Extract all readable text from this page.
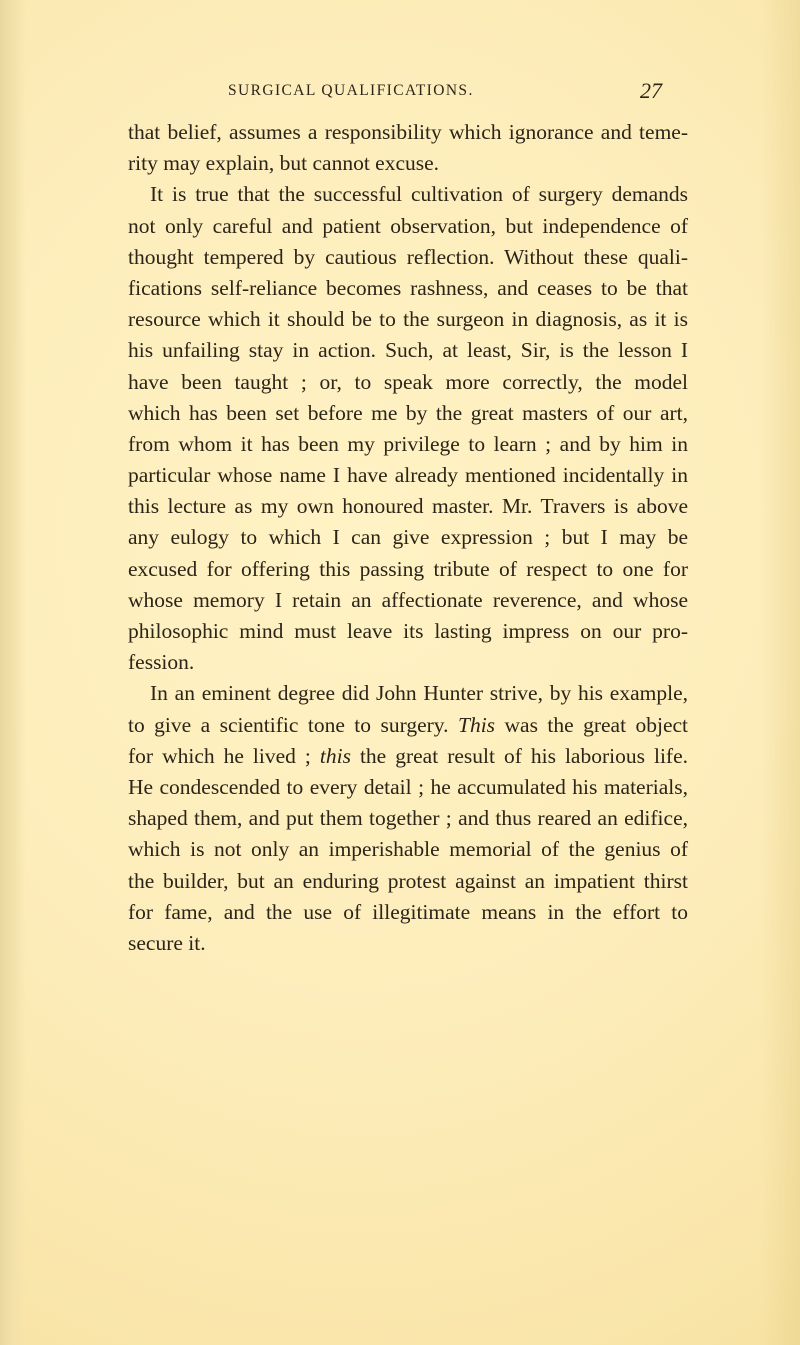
SURGICAL QUALIFICATIONS.	27
that belief, assumes a responsibility which ignorance and teme-
rity may explain, but cannot excuse.
It is true that the successful cultivation of surgery demands
not only careful and patient observation, but independence of
thought tempered by cautious reflection. Without these quali-
fications self-reliance becomes rashness, and ceases to be that
resource which it should be to the surgeon in diagnosis, as it is
his unfailing stay in action. Such, at least, Sir, is the lesson I
have been taught ; or, to speak more correctly, the model
which has been set before me by the great masters of our art,
from whom it has been my privilege to learn ; and by him in
particular whose name I have already mentioned incidentally in
this lecture as my own honoured master. Mr. Travers is above
any eulogy to which I can give expression ; but I may be
excused for offering this passing tribute of respect to one for
whose memory I retain an affectionate reverence, and whose
philosophic mind must leave its lasting impress on our pro-
fession.
In an eminent degree did John Hunter strive, by his example,
to give a scientific tone to surgery. This was the great object
for which he lived ; this the great result of his laborious life.
He condescended to every detail ; he accumulated his materials,
shaped them, and put them together ; and thus reared an edifice,
which is not only an imperishable memorial of the genius of
the builder, but an enduring protest against an impatient thirst
for fame, and the use of illegitimate means in the effort to
secure it.
